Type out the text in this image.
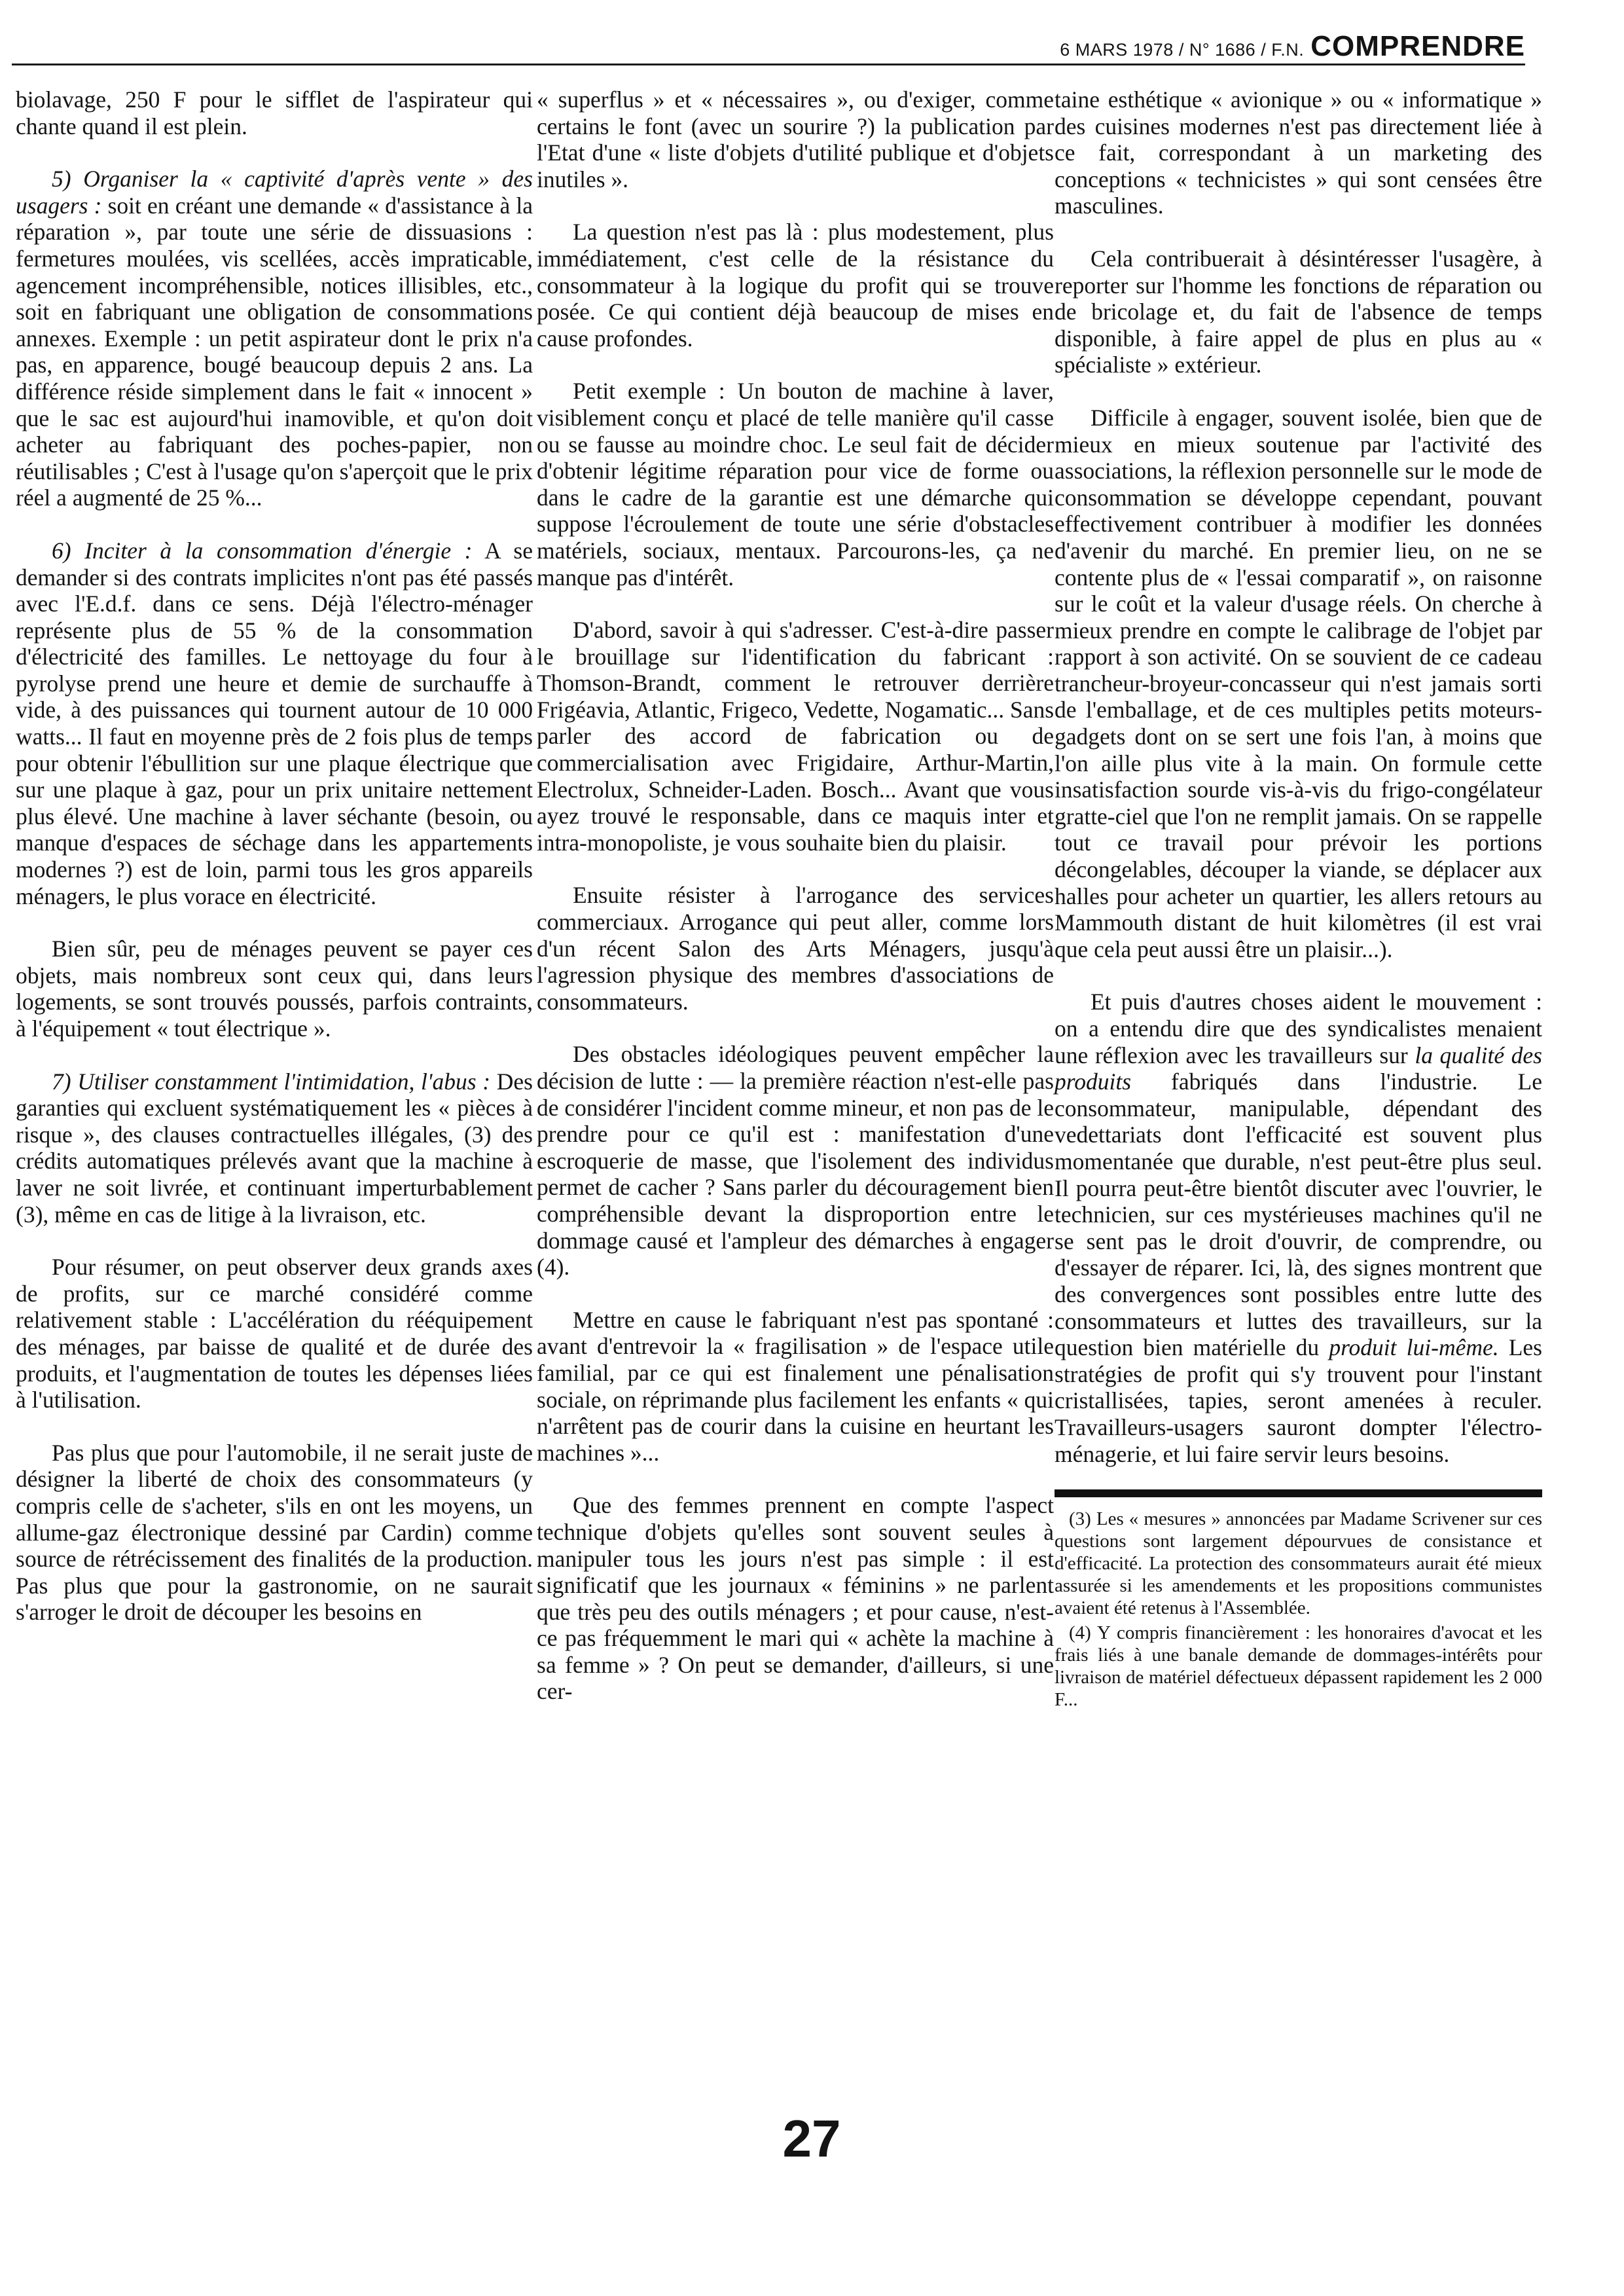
6 MARS 1978 / N° 1686 / F.N. COMPRENDRE

biolavage, 250 F pour le sifflet de l'aspirateur qui chante quand il est plein.

5) Organiser la « captivité d'après vente » des usagers : soit en créant une demande « d'assistance à la réparation », par toute une série de dissuasions : fermetures moulées, vis scellées, accès impraticable, agencement incompréhensible, notices illisibles, etc., soit en fabriquant une obligation de consommations annexes. Exemple : un petit aspirateur dont le prix n'a pas, en apparence, bougé beaucoup depuis 2 ans. La différence réside simplement dans le fait « innocent » que le sac est aujourd'hui inamovible, et qu'on doit acheter au fabriquant des poches-papier, non réutilisables ; C'est à l'usage qu'on s'aperçoit que le prix réel a augmenté de 25 %...

6) Inciter à la consommation d'énergie : A se demander si des contrats implicites n'ont pas été passés avec l'E.d.f. dans ce sens. Déjà l'électro-ménager représente plus de 55 % de la consommation d'électricité des familles. Le nettoyage du four à pyrolyse prend une heure et demie de surchauffe à vide, à des puissances qui tournent autour de 10 000 watts... Il faut en moyenne près de 2 fois plus de temps pour obtenir l'ébullition sur une plaque électrique que sur une plaque à gaz, pour un prix unitaire nettement plus élevé. Une machine à laver séchante (besoin, ou manque d'espaces de séchage dans les appartements modernes ?) est de loin, parmi tous les gros appareils ménagers, le plus vorace en électricité.

Bien sûr, peu de ménages peuvent se payer ces objets, mais nombreux sont ceux qui, dans leurs logements, se sont trouvés poussés, parfois contraints, à l'équipement « tout électrique ».

7) Utiliser constamment l'intimidation, l'abus : Des garanties qui excluent systématiquement les « pièces à risque », des clauses contractuelles illégales, (3) des crédits automatiques prélevés avant que la machine à laver ne soit livrée, et continuant imperturbablement (3), même en cas de litige à la livraison, etc.

Pour résumer, on peut observer deux grands axes de profits, sur ce marché considéré comme relativement stable : L'accélération du rééquipement des ménages, par baisse de qualité et de durée des produits, et l'augmentation de toutes les dépenses liées à l'utilisation.

Pas plus que pour l'automobile, il ne serait juste de désigner la liberté de choix des consommateurs (y compris celle de s'acheter, s'ils en ont les moyens, un allume-gaz électronique dessiné par Cardin) comme source de rétrécissement des finalités de la production. Pas plus que pour la gastronomie, on ne saurait s'arroger le droit de découper les besoins en

« superflus » et « nécessaires », ou d'exiger, comme certains le font (avec un sourire ?) la publication par l'Etat d'une « liste d'objets d'utilité publique et d'objets inutiles ».

La question n'est pas là : plus modestement, plus immédiatement, c'est celle de la résistance du consommateur à la logique du profit qui se trouve posée. Ce qui contient déjà beaucoup de mises en cause profondes.

Petit exemple : Un bouton de machine à laver, visiblement conçu et placé de telle manière qu'il casse ou se fausse au moindre choc. Le seul fait de décider d'obtenir légitime réparation pour vice de forme ou dans le cadre de la garantie est une démarche qui suppose l'écroulement de toute une série d'obstacles matériels, sociaux, mentaux. Parcourons-les, ça ne manque pas d'intérêt.

D'abord, savoir à qui s'adresser. C'est-à-dire passer le brouillage sur l'identification du fabricant : Thomson-Brandt, comment le retrouver derrière Frigéavia, Atlantic, Frigeco, Vedette, Nogamatic... Sans parler des accord de fabrication ou de commercialisation avec Frigidaire, Arthur-Martin, Electrolux, Schneider-Laden. Bosch... Avant que vous ayez trouvé le responsable, dans ce maquis inter et intra-monopoliste, je vous souhaite bien du plaisir.

Ensuite résister à l'arrogance des services commerciaux. Arrogance qui peut aller, comme lors d'un récent Salon des Arts Ménagers, jusqu'à l'agression physique des membres d'associations de consommateurs.

Des obstacles idéologiques peuvent empêcher la décision de lutte : — la première réaction n'est-elle pas de considérer l'incident comme mineur, et non pas de le prendre pour ce qu'il est : manifestation d'une escroquerie de masse, que l'isolement des individus permet de cacher ? Sans parler du découragement bien compréhensible devant la disproportion entre le dommage causé et l'ampleur des démarches à engager (4).

Mettre en cause le fabriquant n'est pas spontané : avant d'entrevoir la « fragilisation » de l'espace utile familial, par ce qui est finalement une pénalisation sociale, on réprimande plus facilement les enfants « qui n'arrêtent pas de courir dans la cuisine en heurtant les machines »...

Que des femmes prennent en compte l'aspect technique d'objets qu'elles sont souvent seules à manipuler tous les jours n'est pas simple : il est significatif que les journaux « féminins » ne parlent que très peu des outils ménagers ; et pour cause, n'est-ce pas fréquemment le mari qui « achète la machine à sa femme » ? On peut se demander, d'ailleurs, si une cer-

taine esthétique « avionique » ou « informatique » des cuisines modernes n'est pas directement liée à ce fait, correspondant à un marketing des conceptions « technicistes » qui sont censées être masculines.

Cela contribuerait à désintéresser l'usagère, à reporter sur l'homme les fonctions de réparation ou de bricolage et, du fait de l'absence de temps disponible, à faire appel de plus en plus au « spécialiste » extérieur.

Difficile à engager, souvent isolée, bien que de mieux en mieux soutenue par l'activité des associations, la réflexion personnelle sur le mode de consommation se développe cependant, pouvant effectivement contribuer à modifier les données d'avenir du marché. En premier lieu, on ne se contente plus de « l'essai comparatif », on raisonne sur le coût et la valeur d'usage réels. On cherche à mieux prendre en compte le calibrage de l'objet par rapport à son activité. On se souvient de ce cadeau trancheur-broyeur-concasseur qui n'est jamais sorti de l'emballage, et de ces multiples petits moteurs-gadgets dont on se sert une fois l'an, à moins que l'on aille plus vite à la main. On formule cette insatisfaction sourde vis-à-vis du frigo-congélateur gratte-ciel que l'on ne remplit jamais. On se rappelle tout ce travail pour prévoir les portions décongelables, découper la viande, se déplacer aux halles pour acheter un quartier, les allers retours au Mammouth distant de huit kilomètres (il est vrai que cela peut aussi être un plaisir...).

Et puis d'autres choses aident le mouvement : on a entendu dire que des syndicalistes menaient une réflexion avec les travailleurs sur la qualité des produits fabriqués dans l'industrie. Le consommateur, manipulable, dépendant des vedettariats dont l'efficacité est souvent plus momentanée que durable, n'est peut-être plus seul. Il pourra peut-être bientôt discuter avec l'ouvrier, le technicien, sur ces mystérieuses machines qu'il ne se sent pas le droit d'ouvrir, de comprendre, ou d'essayer de réparer. Ici, là, des signes montrent que des convergences sont possibles entre lutte des consommateurs et luttes des travailleurs, sur la question bien matérielle du produit lui-même. Les stratégies de profit qui s'y trouvent pour l'instant cristallisées, tapies, seront amenées à reculer. Travailleurs-usagers sauront dompter l'électro-ménagerie, et lui faire servir leurs besoins.

(3) Les « mesures » annoncées par Madame Scrivener sur ces questions sont largement dépourvues de consistance et d'efficacité. La protection des consommateurs aurait été mieux assurée si les amendements et les propositions communistes avaient été retenus à l'Assemblée.

(4) Y compris financièrement : les honoraires d'avocat et les frais liés à une banale demande de dommages-intérêts pour livraison de matériel défectueux dépassent rapidement les 2 000 F...

27
